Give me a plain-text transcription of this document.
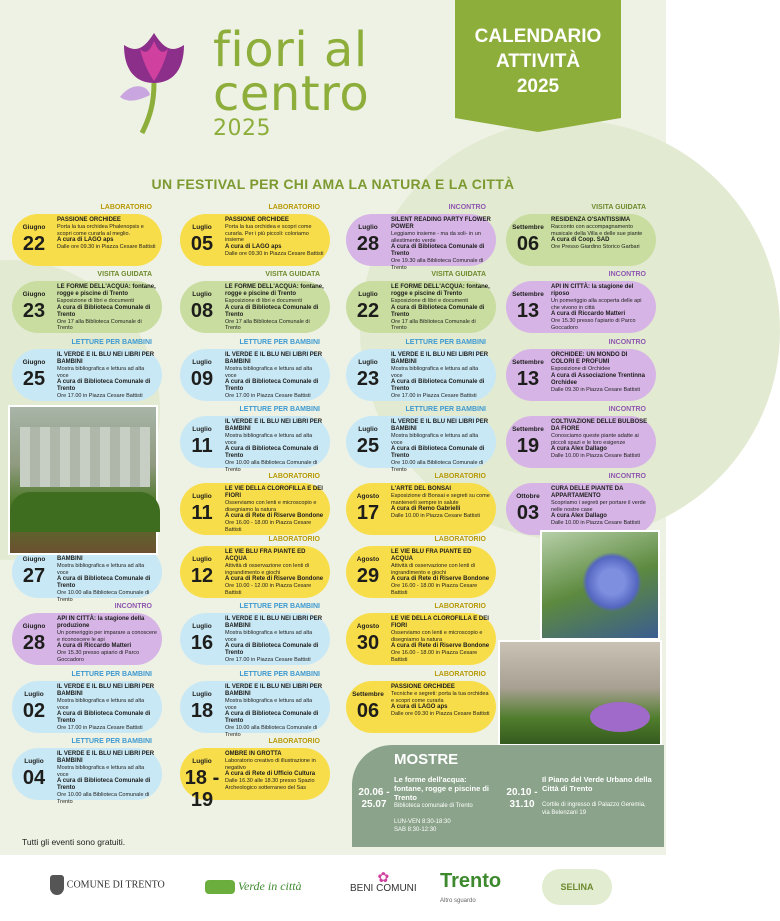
fiori al
centro
2025
CALENDARIO
ATTIVITÀ
2025
UN FESTIVAL PER CHI AMA LA NATURA E LA CITTÀ
LABORATORIO
Giugno
22
PASSIONE ORCHIDEE
Porta la tua orchidea Phalenopsis e scopri come curarla al meglio.

A cura di LAGO aps
Dalle ore 09.30 in Piazza Cesare Battisti
VISITA GUIDATA
Giugno
23
LE FORME DELL'ACQUA: fontane, rogge e piscine di Trento
Esposizione di libri e documenti

A cura di Biblioteca Comunale di Trento
Ore 17 alla Biblioteca Comunale di Trento
LETTURE PER BAMBINI
Giugno
25
IL VERDE E IL BLU NEI LIBRI PER BAMBINI
Mostra bibliografica e lettura ad alta voce

A cura di Biblioteca Comunale di Trento
Ore 17.00 in Piazza Cesare Battisti
Giugno
27
BAMBINI
Mostra bibliografica e lettura ad alta voce

A cura di Biblioteca Comunale di Trento
Ore 10.00 alla Biblioteca Comunale di Trento
INCONTRO
Giugno
28
API IN CITTÀ: la stagione della produzione
Un pomeriggio per imparare a conoscere e riconoscere le api

A cura di Riccardo Matteri
Ore 15.30 presso apiario di Parco Goccadoro
LETTURE PER BAMBINI
Luglio
02
IL VERDE E IL BLU NEI LIBRI PER BAMBINI
Mostra bibliografica e lettura ad alta voce

A cura di Biblioteca Comunale di Trento
Ore 17.00 in Piazza Cesare Battisti
LETTURE PER BAMBINI
Luglio
04
IL VERDE E IL BLU NEI LIBRI PER BAMBINI
Mostra bibliografica e lettura ad alta voce

A cura di Biblioteca Comunale di Trento
Ore 10.00 alla Biblioteca Comunale di Trento
LABORATORIO
Luglio
05
PASSIONE ORCHIDEE
Porta la tua orchidea e scopri come curarla. Per i più piccoli: coloriamo insieme

A cura di LAGO aps
Dalle ore 09.30 in Piazza Cesare Battisti
VISITA GUIDATA
Luglio
08
LE FORME DELL'ACQUA: fontane, rogge e piscine di Trento
Esposizione di libri e documenti

A cura di Biblioteca Comunale di Trento
Ore 17 alla Biblioteca Comunale di Trento
LETTURE PER BAMBINI
Luglio
09
IL VERDE E IL BLU NEI LIBRI PER BAMBINI
Mostra bibliografica e lettura ad alta voce

A cura di Biblioteca Comunale di Trento
Ore 17.00 in Piazza Cesare Battisti
LETTURE PER BAMBINI
Luglio
11
IL VERDE E IL BLU NEI LIBRI PER BAMBINI
Mostra bibliografica e lettura ad alta voce

A cura di Biblioteca Comunale di Trento
Ore 10.00 alla Biblioteca Comunale di Trento
LABORATORIO
Luglio
11
LE VIE DELLA CLOROFILLA E DEI FIORI
Osserviamo con lenti e microscopio e disegniamo la natura

A cura di Rete di Riserve Bondone
Ore 16.00 - 18.00 in Piazza Cesare Battisti
LABORATORIO
Luglio
12
LE VIE BLU FRA PIANTE ED ACQUA
Attività di osservazione con lenti di ingrandimento e giochi

A cura di Rete di Riserve Bondone
Ore 10.00 - 12.00 in Piazza Cesare Battisti
LETTURE PER BAMBINI
Luglio
16
IL VERDE E IL BLU NEI LIBRI PER BAMBINI
Mostra bibliografica e lettura ad alta voce

A cura di Biblioteca Comunale di Trento
Ore 17.00 in Piazza Cesare Battisti
LETTURE PER BAMBINI
Luglio
18
IL VERDE E IL BLU NEI LIBRI PER BAMBINI
Mostra bibliografica e lettura ad alta voce

A cura di Biblioteca Comunale di Trento
Ore 10.00 alla Biblioteca Comunale di Trento
LABORATORIO
Luglio
18 - 19
OMBRE IN GROTTA
Laboratorio creativo di illustrazione in negativo

A cura di Rete di Ufficio Cultura
Dalle 16.30 alle 18.30 presso Spazio Archeologico sotterraneo del Sas
INCONTRO
Luglio
28
SILENT READING PARTY FLOWER POWER
Leggiamo insieme - ma da soli- in un allestimento verde

A cura di Biblioteca Comunale di Trento
Ore 19.30 alla Biblioteca Comunale di Trento
VISITA GUIDATA
Luglio
22
LE FORME DELL'ACQUA: fontane, rogge e piscine di Trento
Esposizione di libri e documenti

A cura di Biblioteca Comunale di Trento
Ore 17 alla Biblioteca Comunale di Trento
LETTURE PER BAMBINI
Luglio
23
IL VERDE E IL BLU NEI LIBRI PER BAMBINI
Mostra bibliografica e lettura ad alta voce

A cura di Biblioteca Comunale di Trento
Ore 17.00 in Piazza Cesare Battisti
LETTURE PER BAMBINI
Luglio
25
IL VERDE E IL BLU NEI LIBRI PER BAMBINI
Mostra bibliografica e lettura ad alta voce

A cura di Biblioteca Comunale di Trento
Ore 10.00 alla Biblioteca Comunale di Trento
LABORATORIO
Agosto
17
L'ARTE DEL BONSAI
Esposizione di Bonsai e segreti su come mantenerli sempre in salute

A cura di Remo Gabrielli
Dalle 10.00 in Piazza Cesare Battisti
LABORATORIO
Agosto
29
LE VIE BLU FRA PIANTE ED ACQUA
Attività di osservazione con lenti di ingrandimento e giochi

A cura di Rete di Riserve Bondone
Ore 16.00 - 18.00 in Piazza Cesare Battisti
LABORATORIO
Agosto
30
LE VIE DELLA CLOROFILLA E DEI FIORI
Osserviamo con lenti e microscopio e disegniamo la natura

A cura di Rete di Riserve Bondone
Ore 16.00 - 18.00 in Piazza Cesare Battisti
LABORATORIO
Settembre
06
PASSIONE ORCHIDEE
Tecniche e segreti: porta la tua orchidea e scopri come curarla

A cura di LAGO aps
Dalle ore 09.30 in Piazza Cesare Battisti
VISITA GUIDATA
Settembre
06
RESIDENZA O'SANTISSIMA
Racconto con accompagnamento musicale della Villa e delle sue piante

A cura di Coop. SAD
Ore Presso Giardino Storico Garbari
INCONTRO
Settembre
13
API IN CITTÀ: la stagione del riposo
Un pomeriggio alla scoperta delle api che vivono in città

A cura di Riccardo Matteri
Ore 15.30 presso l'apiario di Parco Goccadoro
INCONTRO
Settembre
13
ORCHIDEE: UN MONDO DI COLORI E PROFUMI
Esposizione di Orchidee

A cura di Associazione Trentinna Orchidee
Dalle 09.30 in Piazza Cesare Battisti
INCONTRO
Settembre
19
COLTIVAZIONE DELLE BULBOSE DA FIORE
Conosciamo queste piante adatte ai piccoli spazi e le loro esigenze

A cura Alex Dallago
Dalle 10.00 in Piazza Cesare Battisti
INCONTRO
Ottobre
03
CURA DELLE PIANTE DA APPARTAMENTO
Scopriamo i segreti per portare il verde nelle nostre case

A cura Alex Dallago
Dalle 10.00 in Piazza Cesare Battisti
MOSTRE
20.06 - 25.07
Le forme dell'acqua: fontane, rogge e piscine di Trento
Biblioteca comunale di Trento

LUN-VEN 8:30-18:30
SAB 8:30-12:30
20.10 - 31.10
Il Piano del Verde Urbano della Città di Trento

Cortile di ingresso di Palazzo Geremia, via Belenzani 19
Tutti gli eventi sono gratuiti.
COMUNE DI TRENTO	Verde in città
✿
BENI COMUNI Trento
Altro sguardo
SELINA
